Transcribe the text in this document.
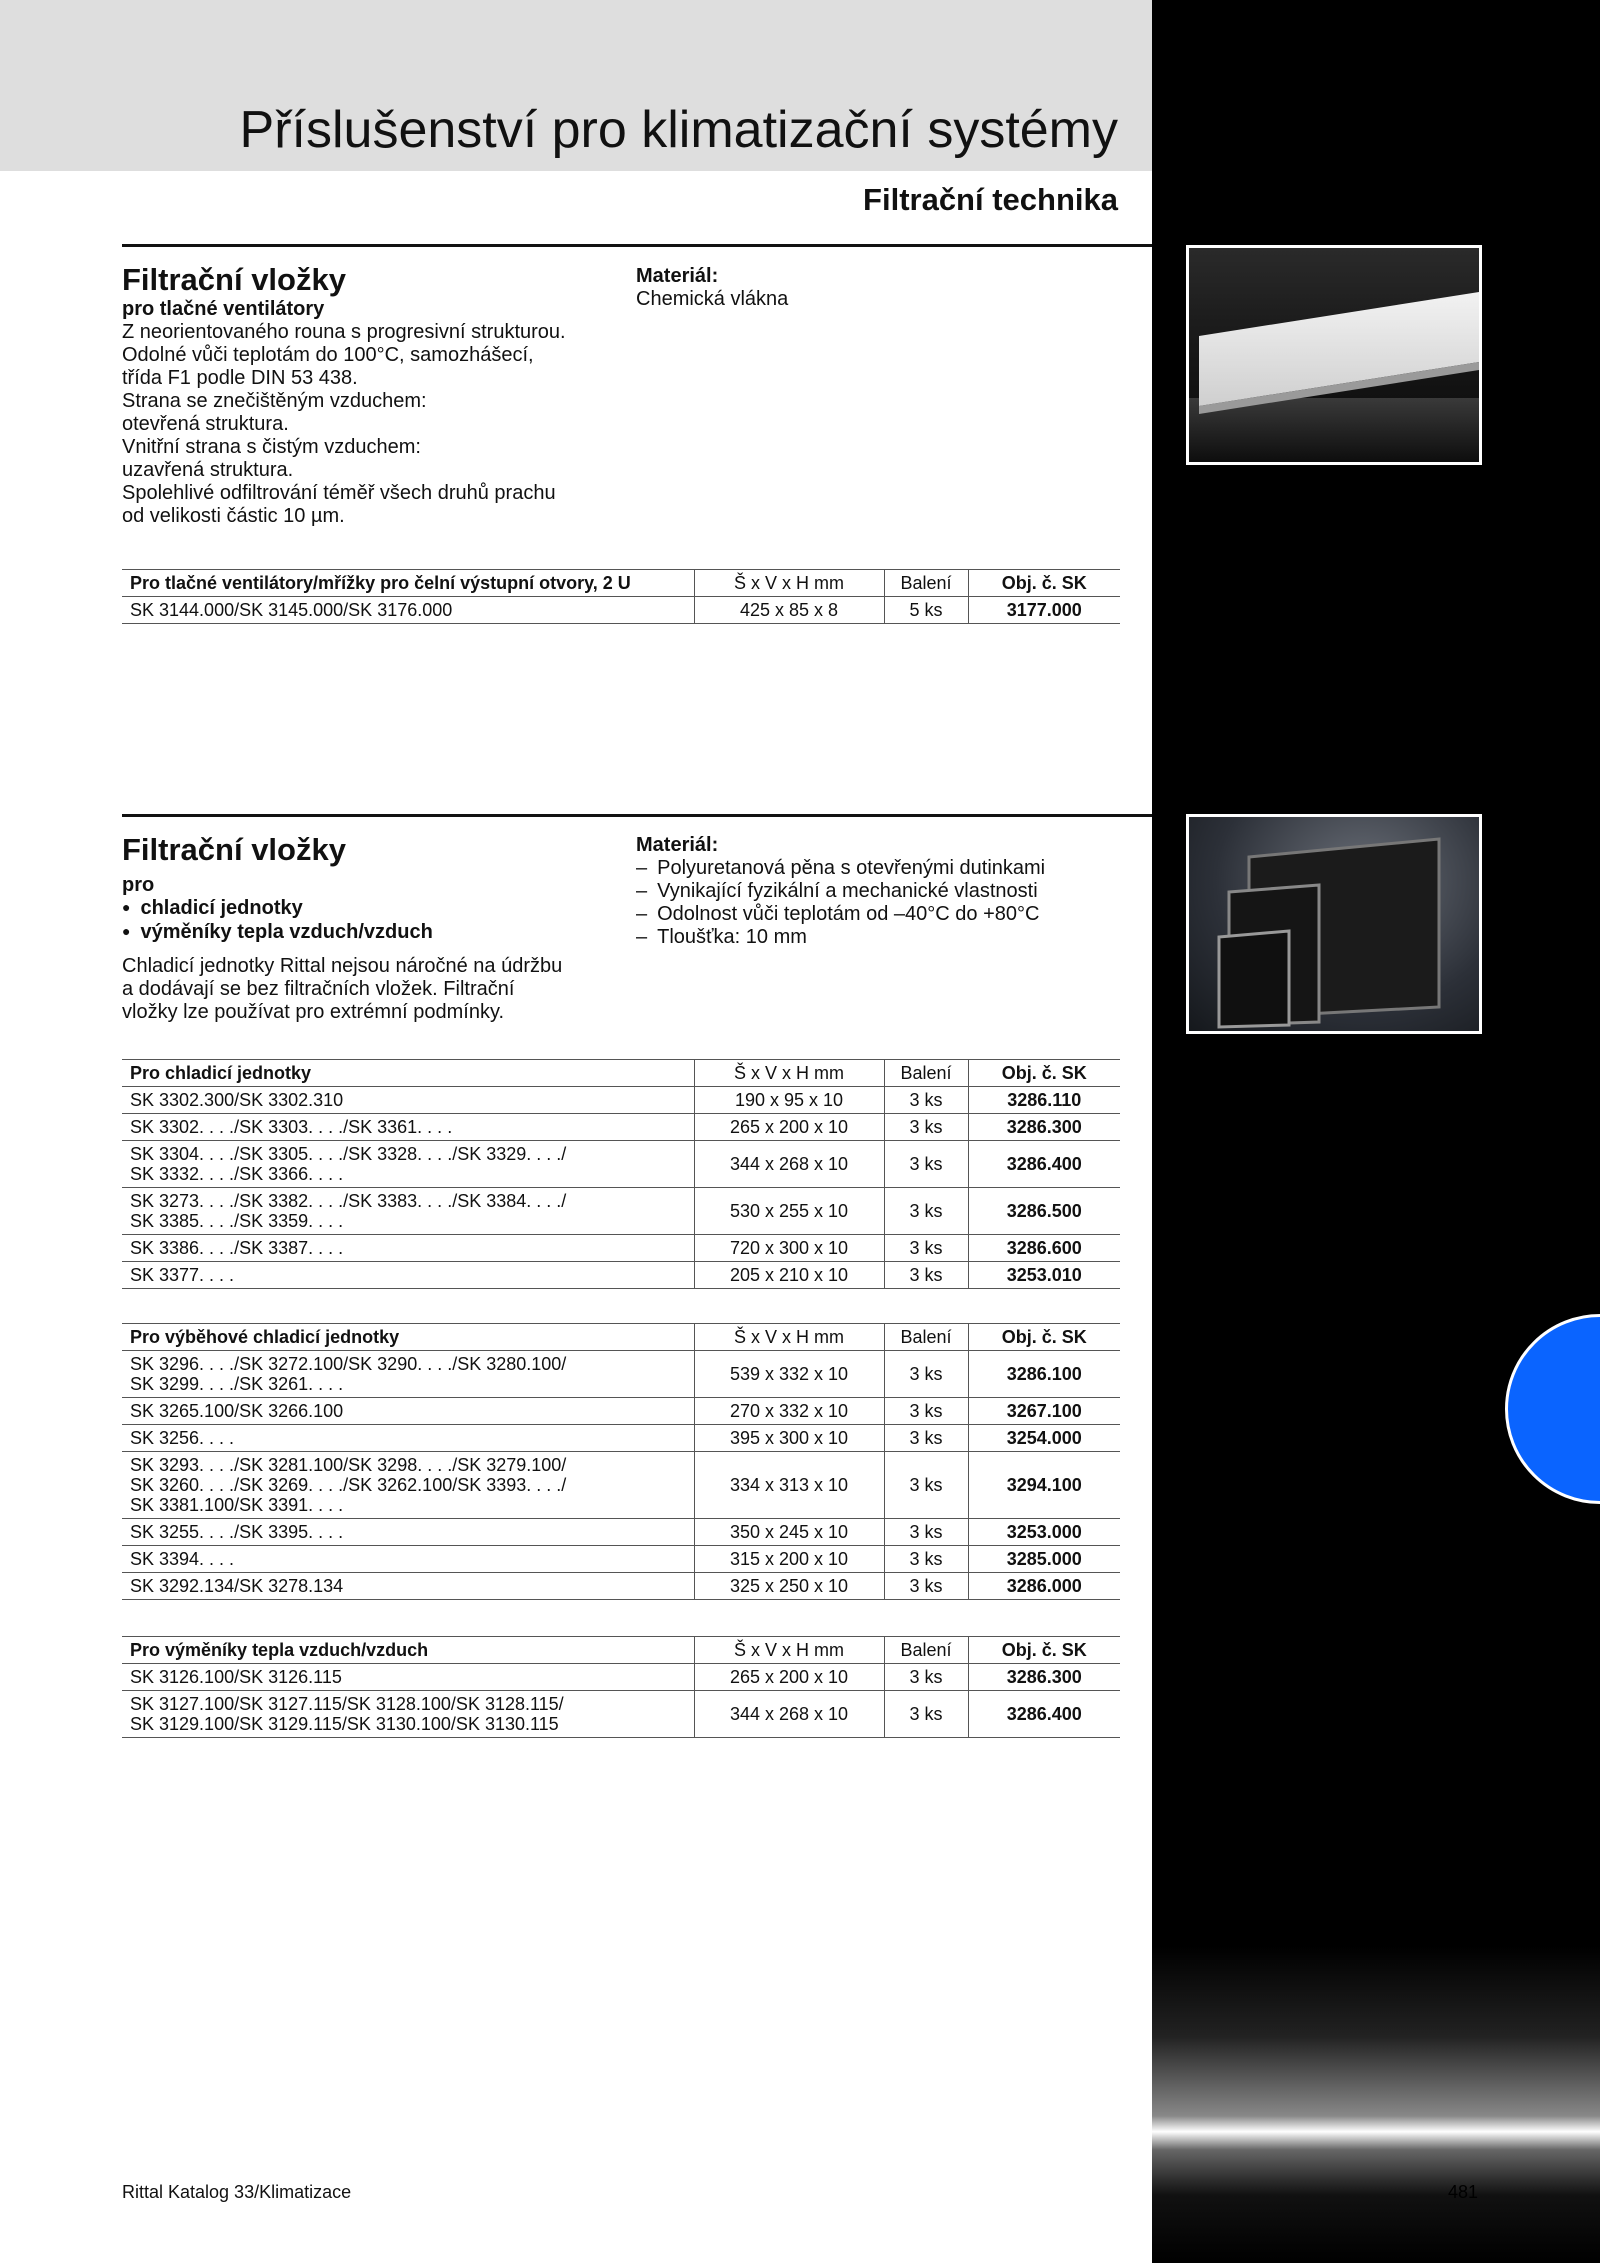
Příslušenství pro klimatizační systémy
Filtrační technika
Filtrační vložky
pro tlačné ventilátory
Z neorientovaného rouna s progresivní strukturou.
Odolné vůči teplotám do 100°C, samozhášecí,
třída F1 podle DIN 53 438.
Strana se znečištěným vzduchem:
otevřená struktura.
Vnitřní strana s čistým vzduchem:
uzavřená struktura.
Spolehlivé odfiltrování téměř všech druhů prachu
od velikosti částic 10 µm.
Materiál:
Chemická vlákna
Pro tlačné ventilátory/mřížky pro čelní výstupní otvory, 2 U	Š x V x H mm	Balení	Obj. č. SK
SK 3144.000/SK 3145.000/SK 3176.000	425 x 85 x 8	5 ks	3177.000
Filtrační vložky
pro
● chladicí jednotky
● výměníky tepla vzduch/vzduch
Chladicí jednotky Rittal nejsou náročné na údržbu
a dodávají se bez filtračních vložek. Filtrační
vložky lze používat pro extrémní podmínky.
Materiál:
– Polyuretanová pěna s otevřenými dutinkami
– Vynikající fyzikální a mechanické vlastnosti
– Odolnost vůči teplotám od –40°C do +80°C
– Tloušťka: 10 mm
Pro chladicí jednotky	Š x V x H mm	Balení	Obj. č. SK
SK 3302.300/SK 3302.310	190 x 95 x 10	3 ks	3286.110
SK 3302. . . ./SK 3303. . . ./SK 3361. . . .	265 x 200 x 10	3 ks	3286.300
SK 3304. . . ./SK 3305. . . ./SK 3328. . . ./SK 3329. . . ./
SK 3332. . . ./SK 3366. . . .	344 x 268 x 10	3 ks	3286.400
SK 3273. . . ./SK 3382. . . ./SK 3383. . . ./SK 3384. . . ./
SK 3385. . . ./SK 3359. . . .	530 x 255 x 10	3 ks	3286.500
SK 3386. . . ./SK 3387. . . .	720 x 300 x 10	3 ks	3286.600
SK 3377. . . .	205 x 210 x 10	3 ks	3253.010
Pro výběhové chladicí jednotky	Š x V x H mm	Balení	Obj. č. SK
SK 3296. . . ./SK 3272.100/SK 3290. . . ./SK 3280.100/
SK 3299. . . ./SK 3261. . . .	539 x 332 x 10	3 ks	3286.100
SK 3265.100/SK 3266.100	270 x 332 x 10	3 ks	3267.100
SK 3256. . . .	395 x 300 x 10	3 ks	3254.000
SK 3293. . . ./SK 3281.100/SK 3298. . . ./SK 3279.100/
SK 3260. . . ./SK 3269. . . ./SK 3262.100/SK 3393. . . ./
SK 3381.100/SK 3391. . . .	334 x 313 x 10	3 ks	3294.100
SK 3255. . . ./SK 3395. . . .	350 x 245 x 10	3 ks	3253.000
SK 3394. . . .	315 x 200 x 10	3 ks	3285.000
SK 3292.134/SK 3278.134	325 x 250 x 10	3 ks	3286.000
Pro výměníky tepla vzduch/vzduch	Š x V x H mm	Balení	Obj. č. SK
SK 3126.100/SK 3126.115	265 x 200 x 10	3 ks	3286.300
SK 3127.100/SK 3127.115/SK 3128.100/SK 3128.115/
SK 3129.100/SK 3129.115/SK 3130.100/SK 3130.115	344 x 268 x 10	3 ks	3286.400
Rittal Katalog 33/Klimatizace	481
